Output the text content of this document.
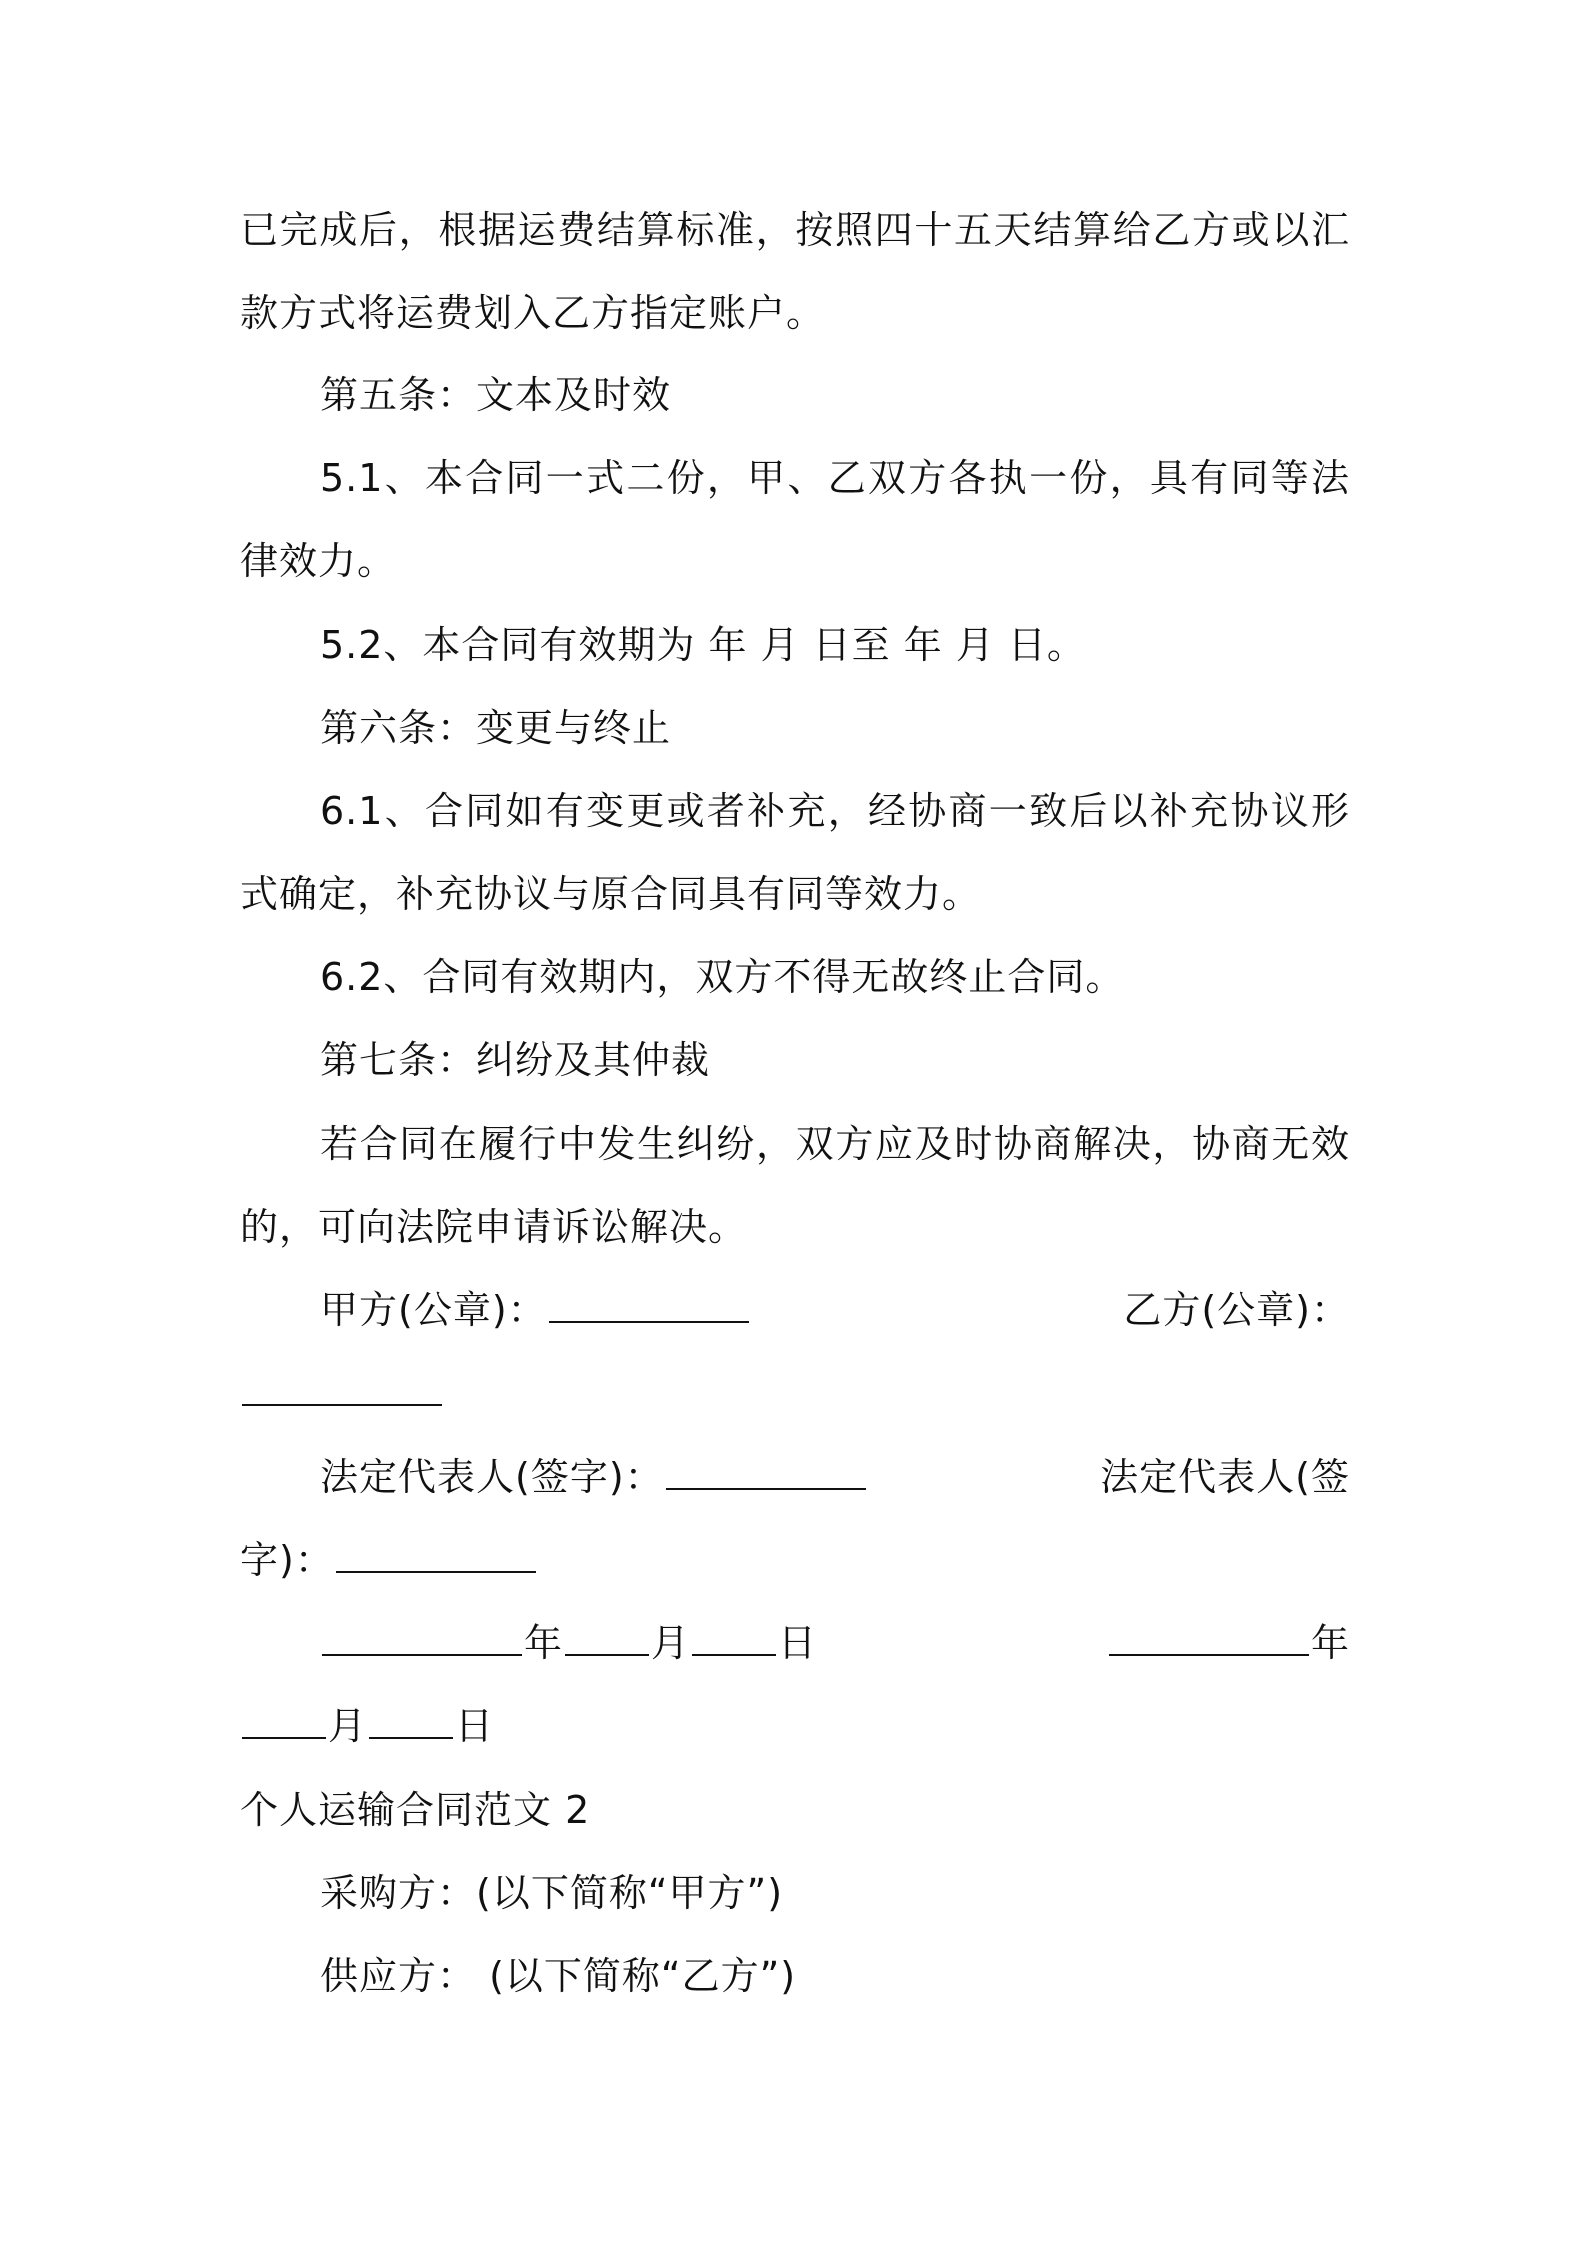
已完成后，根据运费结算标准，按照四十五天结算给乙方或以汇
款方式将运费划入乙方指定账户。
第五条：文本及时效
5.1、本合同一式二份，甲、乙双方各执一份，具有同等法
律效力。
5.2、本合同有效期为 年 月 日至 年 月 日。
第六条：变更与终止
6.1、合同如有变更或者补充，经协商一致后以补充协议形
式确定，补充协议与原合同具有同等效力。
6.2、合同有效期内，双方不得无故终止合同。
第七条：纠纷及其仲裁
若合同在履行中发生纠纷，双方应及时协商解决，协商无效
的，可向法院申请诉讼解决。
甲方(公章)：	乙方(公章)：
法定代表人(签字)：	法定代表人(签
字)：
年 月 日	年
月 日
个人运输合同范文 2
采购方：(以下简称“甲方”)
供应方： (以下简称“乙方”)
